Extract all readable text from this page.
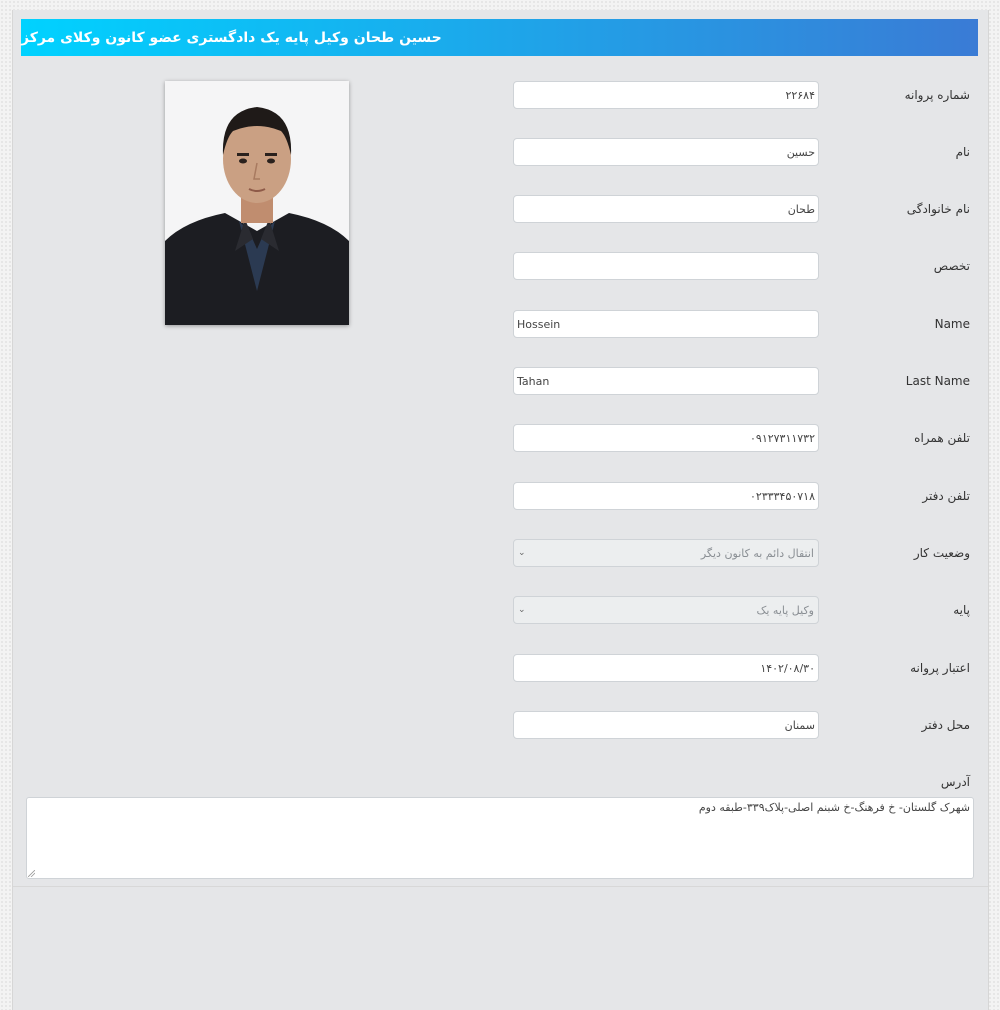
حسین طحان وکیل پایه یک دادگستری عضو کانون وکلای مرکز
شماره پروانه
۲۲۶۸۴
نام
حسین
نام خانوادگی
طحان
تخصص
Name
Hossein
Last Name
Tahan
تلفن همراه
۰۹۱۲۷۳۱۱۷۳۲
تلفن دفتر
۰۲۳۳۳۴۵۰۷۱۸
وضعیت کار
⌄	انتقال دائم به کانون دیگر
پایه
⌄	وکیل پایه یک
اعتبار پروانه
۱۴۰۲/۰۸/۳۰
محل دفتر
سمنان
آدرس
شهرک گلستان- خ فرهنگ-خ شبنم اصلی-پلاک۳۳۹-طبقه دوم
